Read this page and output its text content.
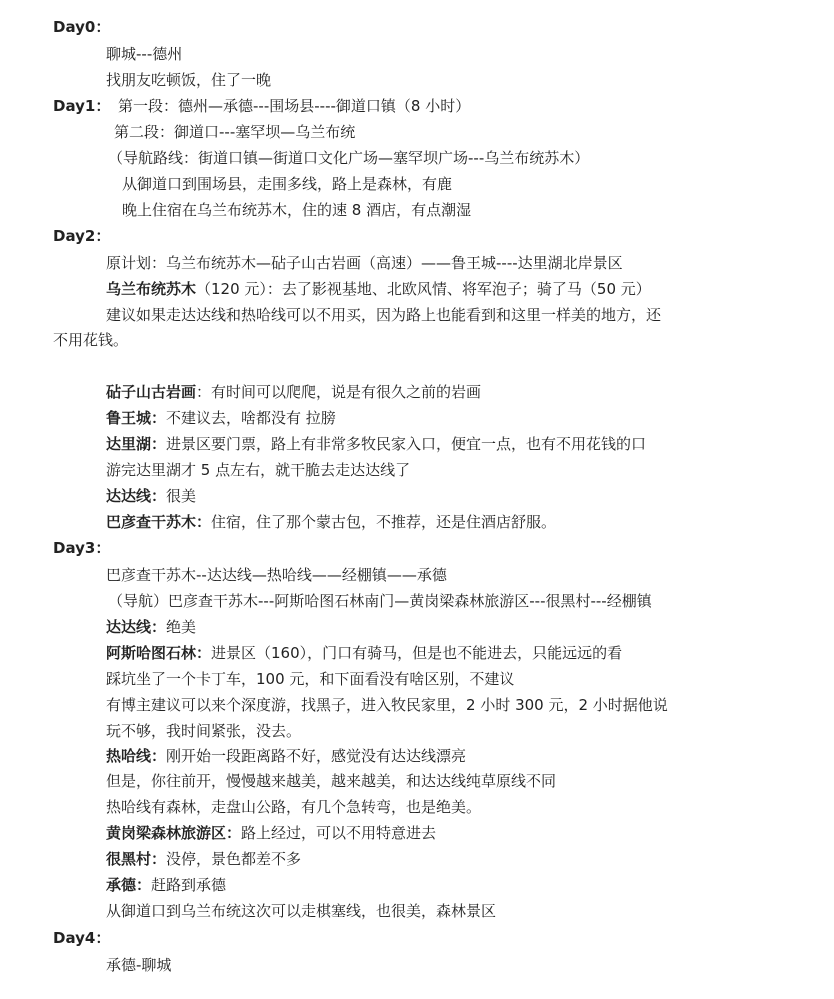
Day0：
聊城---德州
找朋友吃顿饭，住了一晚
Day1： 第一段：德州—承德---围场县----御道口镇（8 小时）
第二段：御道口---塞罕坝—乌兰布统
（导航路线：街道口镇—街道口文化广场—塞罕坝广场---乌兰布统苏木）
从御道口到围场县，走围多线，路上是森林，有鹿
晚上住宿在乌兰布统苏木，住的速 8 酒店，有点潮湿
Day2：
原计划：乌兰布统苏木—砧子山古岩画（高速）——鲁王城----达里湖北岸景区
乌兰布统苏木（120 元）：去了影视基地、北欧风情、将军泡子；骑了马（50 元）
建议如果走达达线和热哈线可以不用买，因为路上也能看到和这里一样美的地方，还
不用花钱。
砧子山古岩画：有时间可以爬爬，说是有很久之前的岩画
鲁王城：不建议去，啥都没有 拉膀
达里湖：进景区要门票，路上有非常多牧民家入口，便宜一点，也有不用花钱的口
游完达里湖才 5 点左右，就干脆去走达达线了
达达线：很美
巴彦查干苏木：住宿，住了那个蒙古包，不推荐，还是住酒店舒服。
Day3：
巴彦查干苏木--达达线—热哈线——经棚镇——承德
（导航）巴彦查干苏木---阿斯哈图石林南门—黄岗梁森林旅游区---很黑村---经棚镇
达达线：绝美
阿斯哈图石林：进景区（160），门口有骑马，但是也不能进去，只能远远的看
踩坑坐了一个卡丁车，100 元，和下面看没有啥区别，不建议
有博主建议可以来个深度游，找黑子，进入牧民家里，2 小时 300 元，2 小时据他说
玩不够，我时间紧张，没去。
热哈线：刚开始一段距离路不好，感觉没有达达线漂亮
但是，你往前开，慢慢越来越美，越来越美，和达达线纯草原线不同
热哈线有森林，走盘山公路，有几个急转弯，也是绝美。
黄岗梁森林旅游区：路上经过，可以不用特意进去
很黑村：没停，景色都差不多
承德：赶路到承德
从御道口到乌兰布统这次可以走棋塞线，也很美，森林景区
Day4：
承德-聊城
